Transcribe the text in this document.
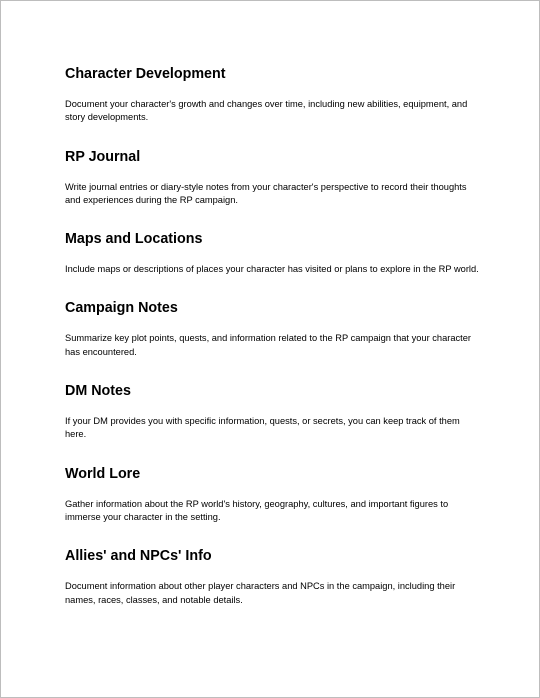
Character Development

Document your character's growth and changes over time, including new abilities, equipment, and story developments.

RP Journal

Write journal entries or diary-style notes from your character's perspective to record their thoughts and experiences during the RP campaign.

Maps and Locations

Include maps or descriptions of places your character has visited or plans to explore in the RP world.

Campaign Notes

Summarize key plot points, quests, and information related to the RP campaign that your character has encountered.

DM Notes

If your DM provides you with specific information, quests, or secrets, you can keep track of them here.

World Lore

Gather information about the RP world's history, geography, cultures, and important figures to immerse your character in the setting.

Allies' and NPCs' Info

Document information about other player characters and NPCs in the campaign, including their names, races, classes, and notable details.
